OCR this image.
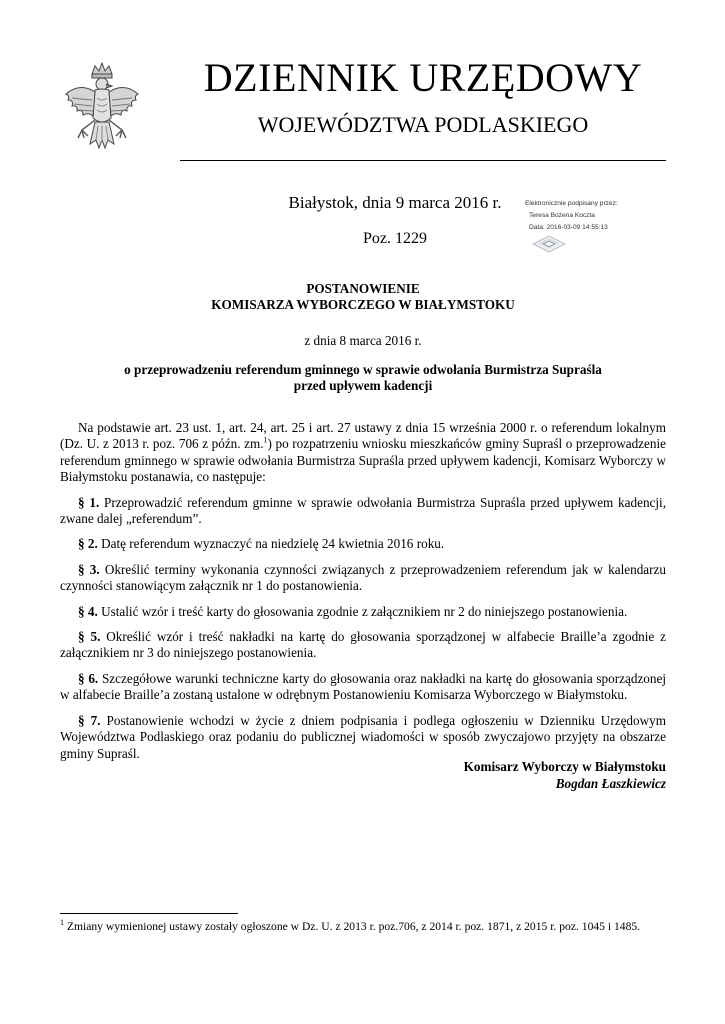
DZIENNIK URZĘDOWY
WOJEWÓDZTWA PODLASKIEGO
Białystok, dnia 9 marca 2016 r.
Poz. 1229
Elektronicznie podpisany przez:
Teresa Bożena Koczta
Data: 2016-03-09 14:55:13
POSTANOWIENIE
KOMISARZA WYBORCZEGO W BIAŁYMSTOKU
z dnia 8 marca 2016 r.
o przeprowadzeniu referendum gminnego w sprawie odwołania Burmistrza Supraśla
przed upływem kadencji

Na podstawie art. 23 ust. 1, art. 24, art. 25 i art. 27 ustawy z dnia 15 września 2000 r. o referendum lokalnym (Dz. U. z 2013 r. poz. 706 z późn. zm.$^1$) po rozpatrzeniu wniosku mieszkańców gminy Supraśl o przeprowadzenie referendum gminnego w sprawie odwołania Burmistrza Supraśla przed upływem kadencji, Komisarz Wyborczy w Białymstoku postanawia, co następuje:

§ 1. Przeprowadzić referendum gminne w sprawie odwołania Burmistrza Supraśla przed upływem kadencji, zwane dalej „referendum”.

§ 2. Datę referendum wyznaczyć na niedzielę 24 kwietnia 2016 roku.

§ 3. Określić terminy wykonania czynności związanych z przeprowadzeniem referendum jak w kalendarzu czynności stanowiącym załącznik nr 1 do postanowienia.

§ 4. Ustalić wzór i treść karty do głosowania zgodnie z załącznikiem nr 2 do niniejszego postanowienia.

§ 5. Określić wzór i treść nakładki na kartę do głosowania sporządzonej w alfabecie Braille’a zgodnie z załącznikiem nr 3 do niniejszego postanowienia.

§ 6. Szczegółowe warunki techniczne karty do głosowania oraz nakładki na kartę do głosowania sporządzonej w alfabecie Braille’a zostaną ustalone w odrębnym Postanowieniu Komisarza Wyborczego w Białymstoku.

§ 7. Postanowienie wchodzi w życie z dniem podpisania i podlega ogłoszeniu w Dzienniku Urzędowym Województwa Podlaskiego oraz podaniu do publicznej wiadomości w sposób zwyczajowo przyjęty na obszarze gminy Supraśl.

Komisarz Wyborczy w Białymstoku
Bogdan Łaszkiewicz
$^1$ Zmiany wymienionej ustawy zostały ogłoszone w Dz. U. z 2013 r. poz.706, z 2014 r. poz. 1871, z 2015 r. poz. 1045 i 1485.
